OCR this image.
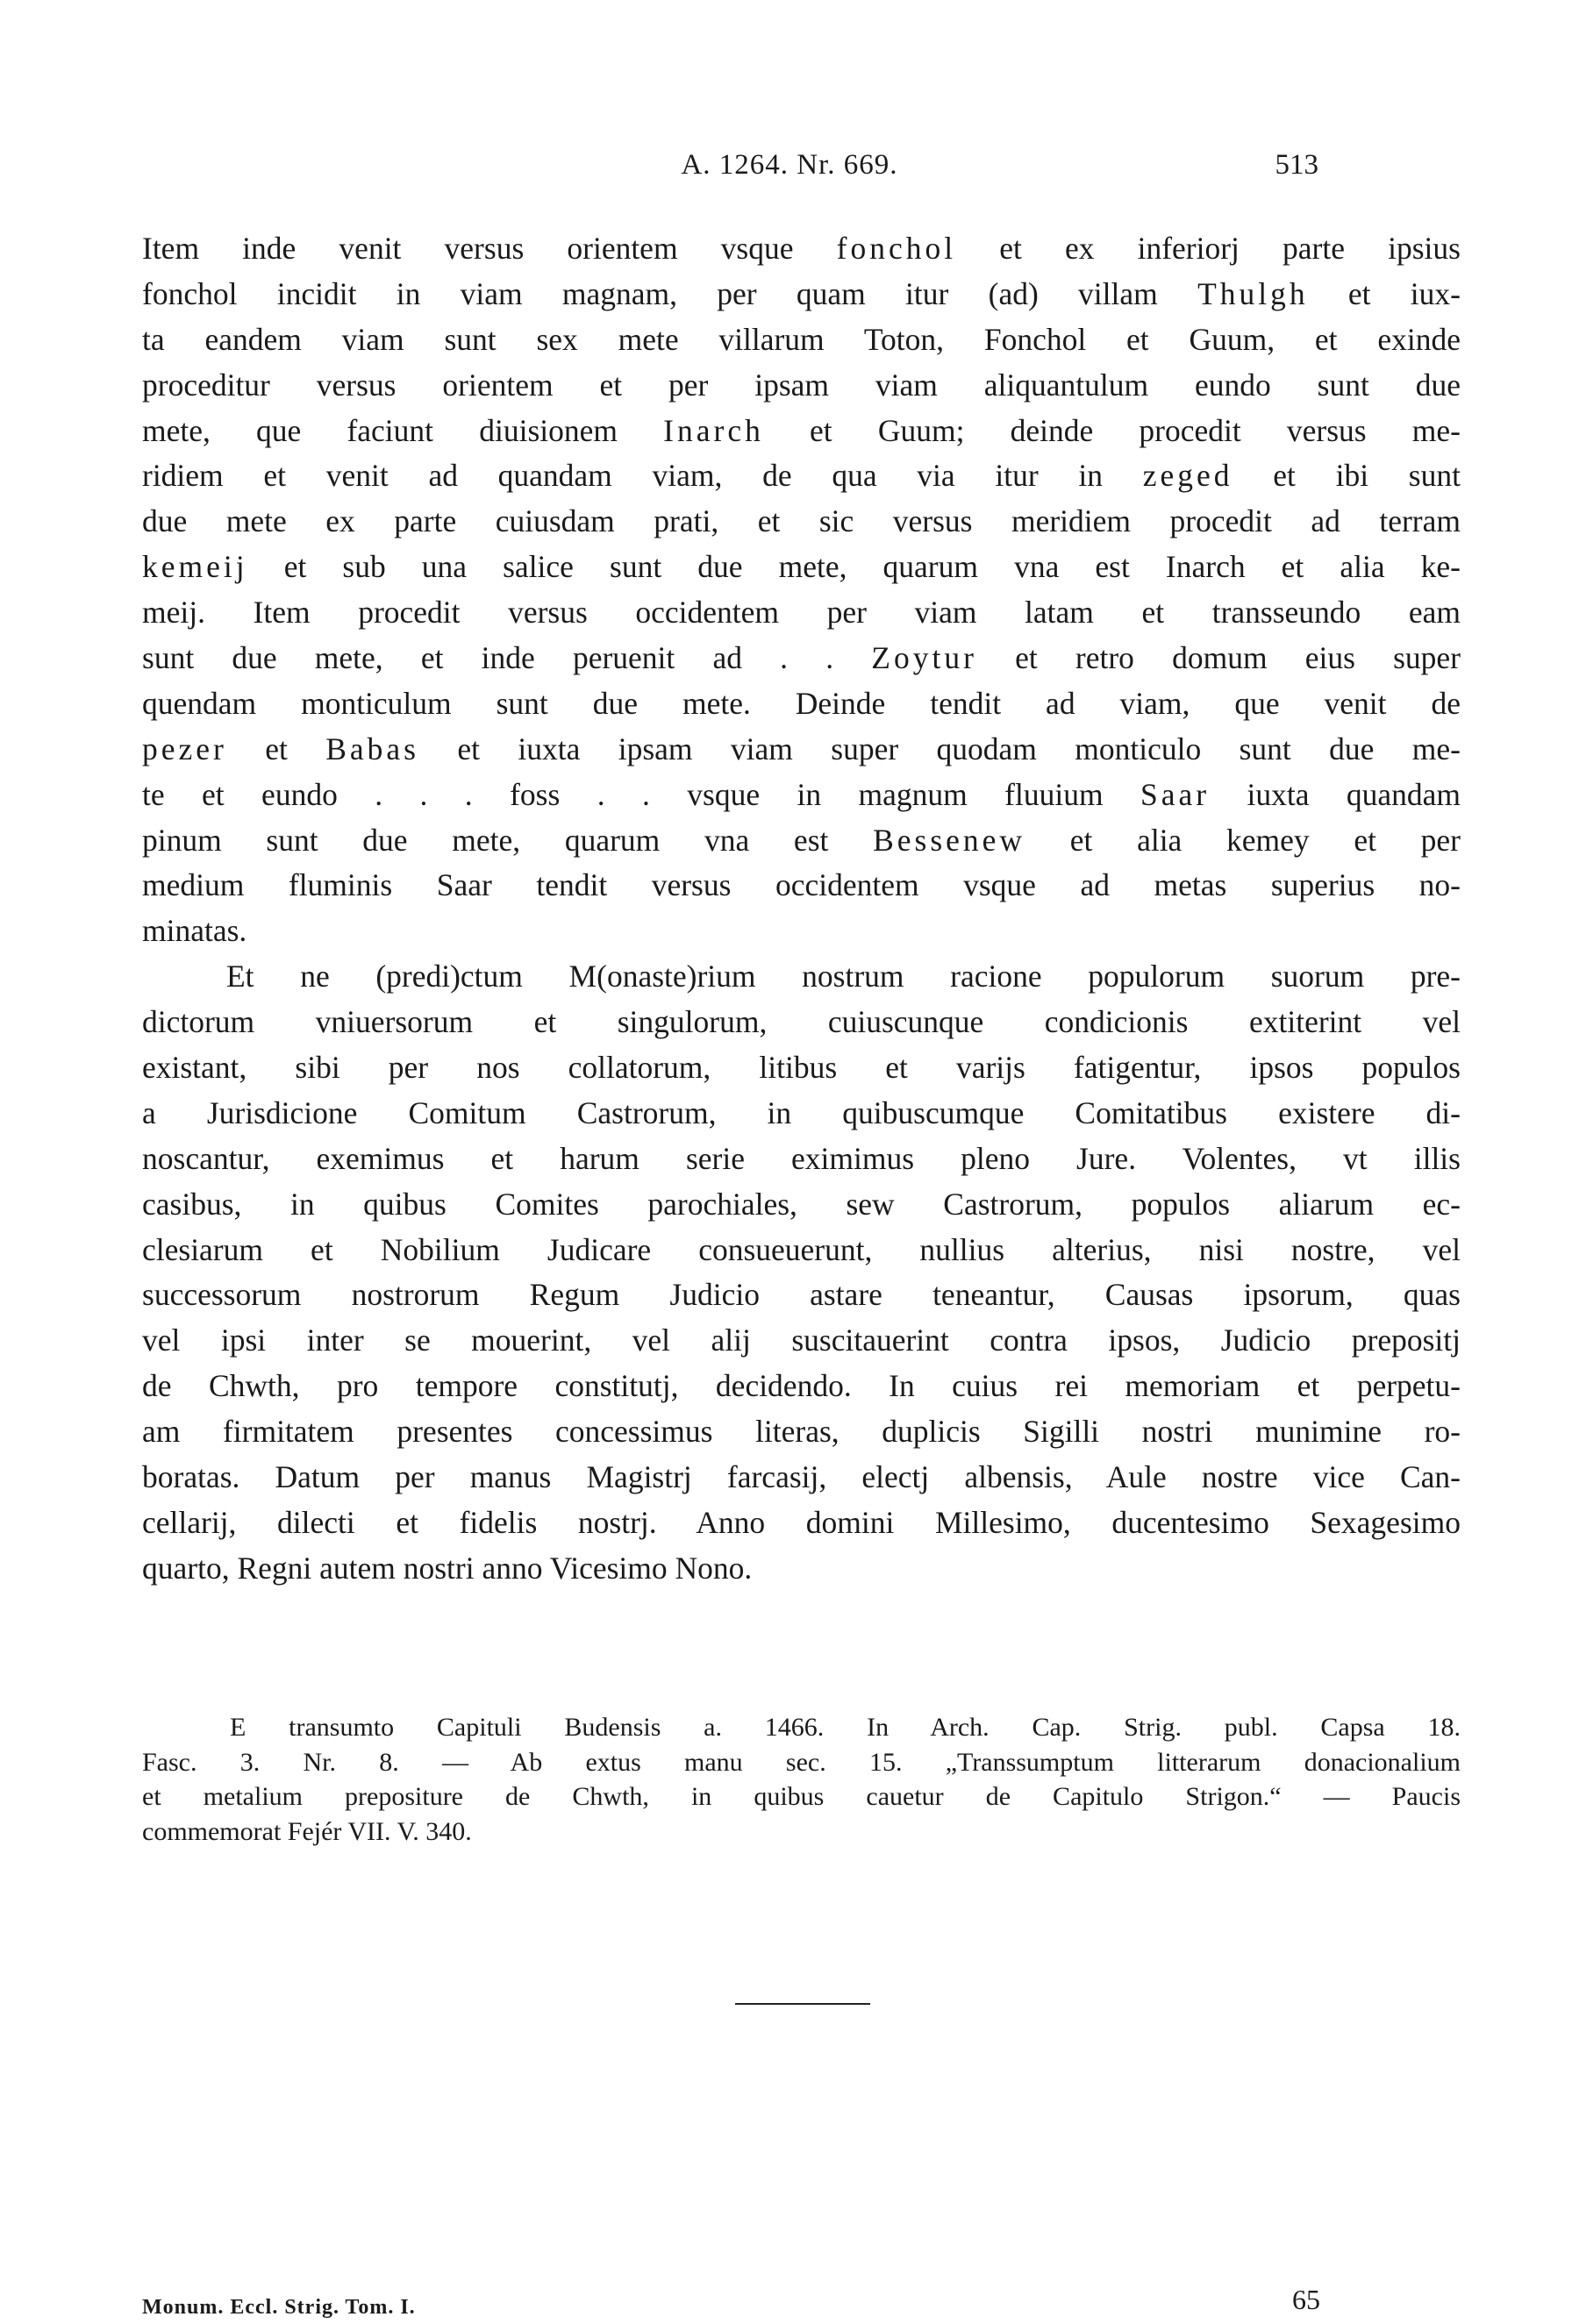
A. 1264. Nr. 669.	513
Item inde venit versus orientem vsque fonchol et ex inferiorj parte ipsius
fonchol incidit in viam magnam, per quam itur (ad) villam Thulgh et iux-
ta eandem viam sunt sex mete villarum Toton, Fonchol et Guum, et exinde
proceditur versus orientem et per ipsam viam aliquantulum eundo sunt due
mete, que faciunt diuisionem Inarch et Guum; deinde procedit versus me-
ridiem et venit ad quandam viam, de qua via itur in zeged et ibi sunt
due mete ex parte cuiusdam prati, et sic versus meridiem procedit ad terram
kemeij et sub una salice sunt due mete, quarum vna est Inarch et alia ke-
meij. Item procedit versus occidentem per viam latam et transseundo eam
sunt due mete, et inde peruenit ad . . Zoytur et retro domum eius super
quendam monticulum sunt due mete. Deinde tendit ad viam, que venit de
pezer et Babas et iuxta ipsam viam super quodam monticulo sunt due me-
te et eundo . . . foss . . vsque in magnum fluuium Saar iuxta quandam
pinum sunt due mete, quarum vna est Bessenew et alia kemey et per
medium fluminis Saar tendit versus occidentem vsque ad metas superius no-
minatas.
Et ne (predi)ctum M(onaste)rium nostrum racione populorum suorum pre-
dictorum vniuersorum et singulorum, cuiuscunque condicionis extiterint vel
existant, sibi per nos collatorum, litibus et varijs fatigentur, ipsos populos
a Jurisdicione Comitum Castrorum, in quibuscumque Comitatibus existere di-
noscantur, exemimus et harum serie eximimus pleno Jure. Volentes, vt illis
casibus, in quibus Comites parochiales, sew Castrorum, populos aliarum ec-
clesiarum et Nobilium Judicare consueuerunt, nullius alterius, nisi nostre, vel
successorum nostrorum Regum Judicio astare teneantur, Causas ipsorum, quas
vel ipsi inter se mouerint, vel alij suscitauerint contra ipsos, Judicio prepositj
de Chwth, pro tempore constitutj, decidendo. In cuius rei memoriam et perpetu-
am firmitatem presentes concessimus literas, duplicis Sigilli nostri munimine ro-
boratas. Datum per manus Magistrj farcasij, electj albensis, Aule nostre vice Can-
cellarij, dilecti et fidelis nostrj. Anno domini Millesimo, ducentesimo Sexagesimo
quarto, Regni autem nostri anno Vicesimo Nono.
E transumto Capituli Budensis a. 1466. In Arch. Cap. Strig. publ. Capsa 18.
Fasc. 3. Nr. 8. — Ab extus manu sec. 15. „Transsumptum litterarum donacionalium
et metalium prepositure de Chwth, in quibus cauetur de Capitulo Strigon.“ — Paucis
commemorat Fejér VII. V. 340.
Monum. Eccl. Strig. Tom. I.	65
